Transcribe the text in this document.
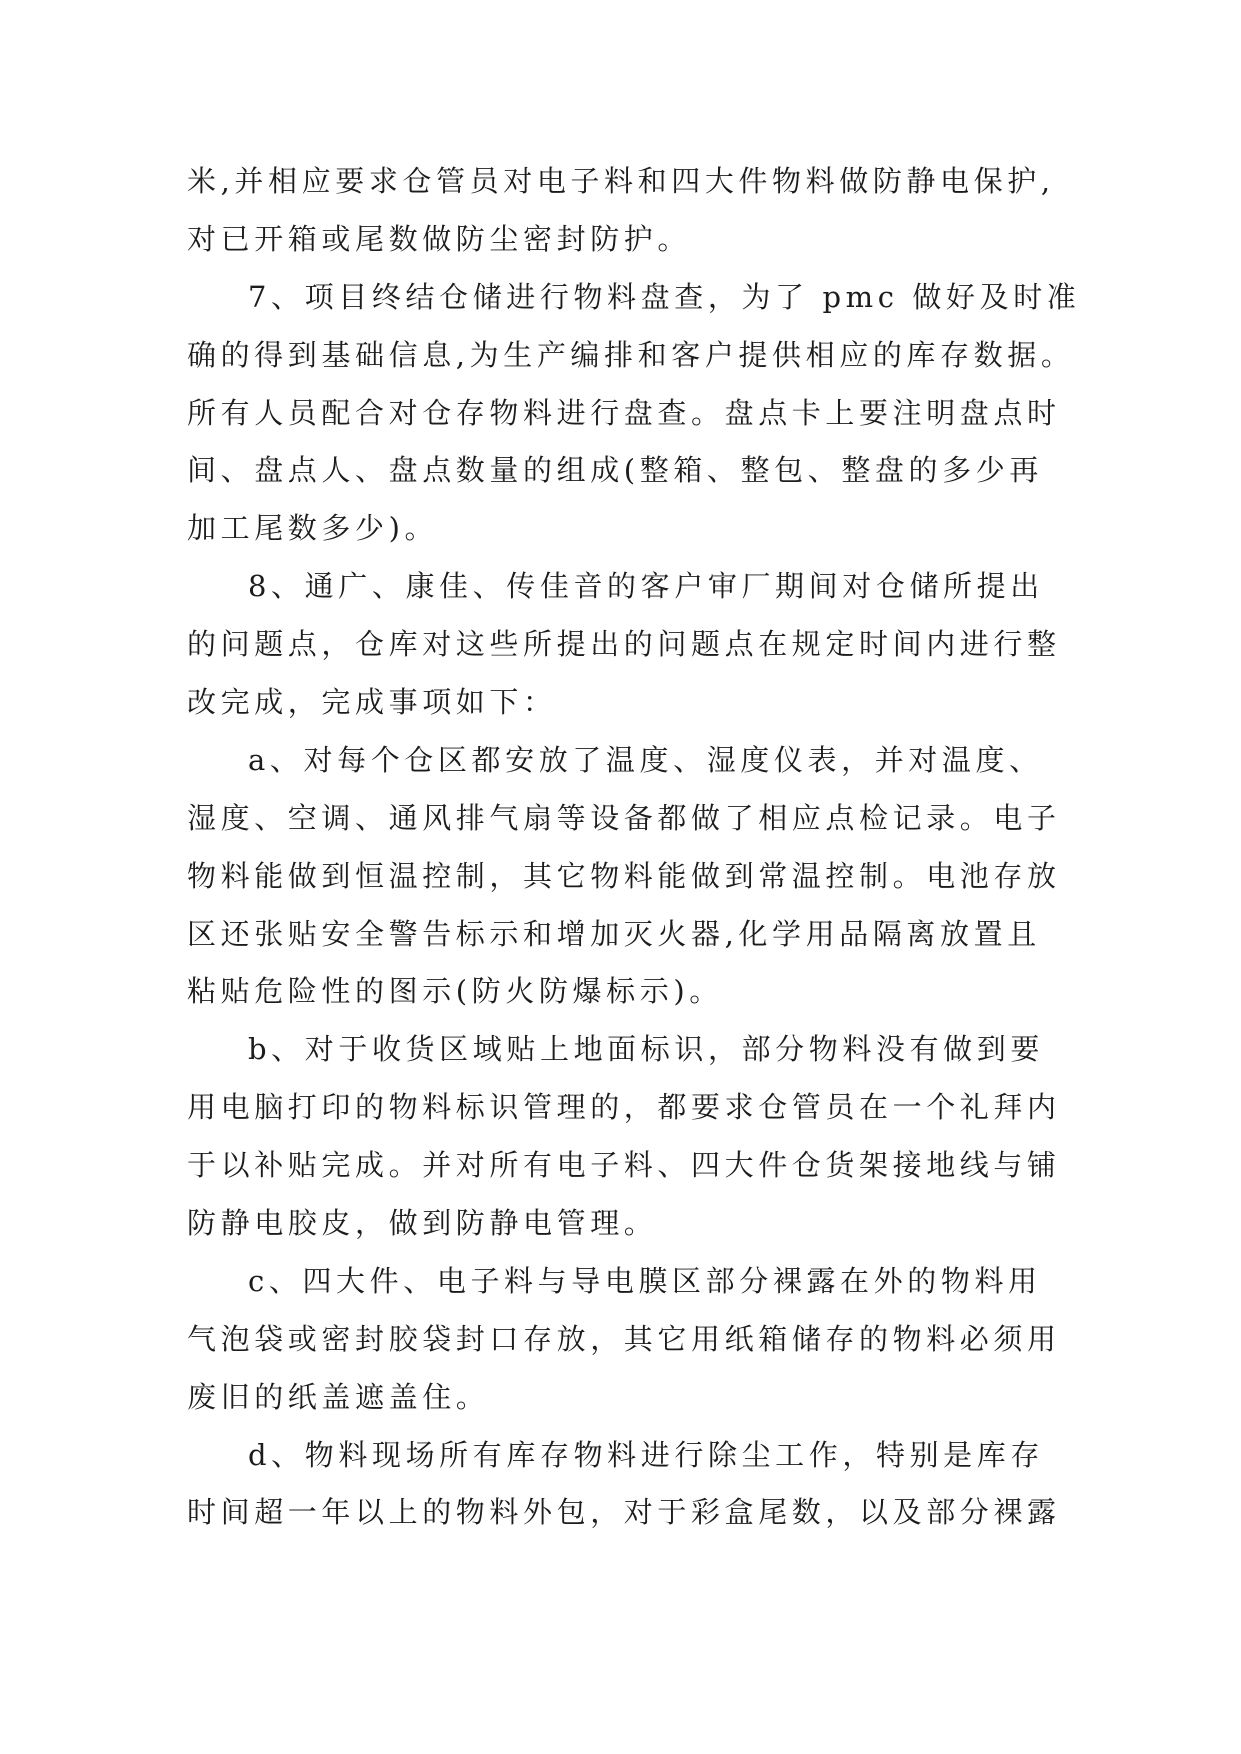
米,并相应要求仓管员对电子料和四大件物料做防静电保护,
对已开箱或尾数做防尘密封防护。
7、项目终结仓储进行物料盘查，为了 pmc 做好及时准
确的得到基础信息,为生产编排和客户提供相应的库存数据。
所有人员配合对仓存物料进行盘查。盘点卡上要注明盘点时
间、盘点人、盘点数量的组成(整箱、整包、整盘的多少再
加工尾数多少)。
8、通广、康佳、传佳音的客户审厂期间对仓储所提出
的问题点，仓库对这些所提出的问题点在规定时间内进行整
改完成，完成事项如下：
a、对每个仓区都安放了温度、湿度仪表，并对温度、
湿度、空调、通风排气扇等设备都做了相应点检记录。电子
物料能做到恒温控制，其它物料能做到常温控制。电池存放
区还张贴安全警告标示和增加灭火器,化学用品隔离放置且
粘贴危险性的图示(防火防爆标示)。
b、对于收货区域贴上地面标识，部分物料没有做到要
用电脑打印的物料标识管理的，都要求仓管员在一个礼拜内
于以补贴完成。并对所有电子料、四大件仓货架接地线与铺
防静电胶皮，做到防静电管理。
c、四大件、电子料与导电膜区部分裸露在外的物料用
气泡袋或密封胶袋封口存放，其它用纸箱储存的物料必须用
废旧的纸盖遮盖住。
d、物料现场所有库存物料进行除尘工作，特别是库存
时间超一年以上的物料外包，对于彩盒尾数，以及部分裸露
